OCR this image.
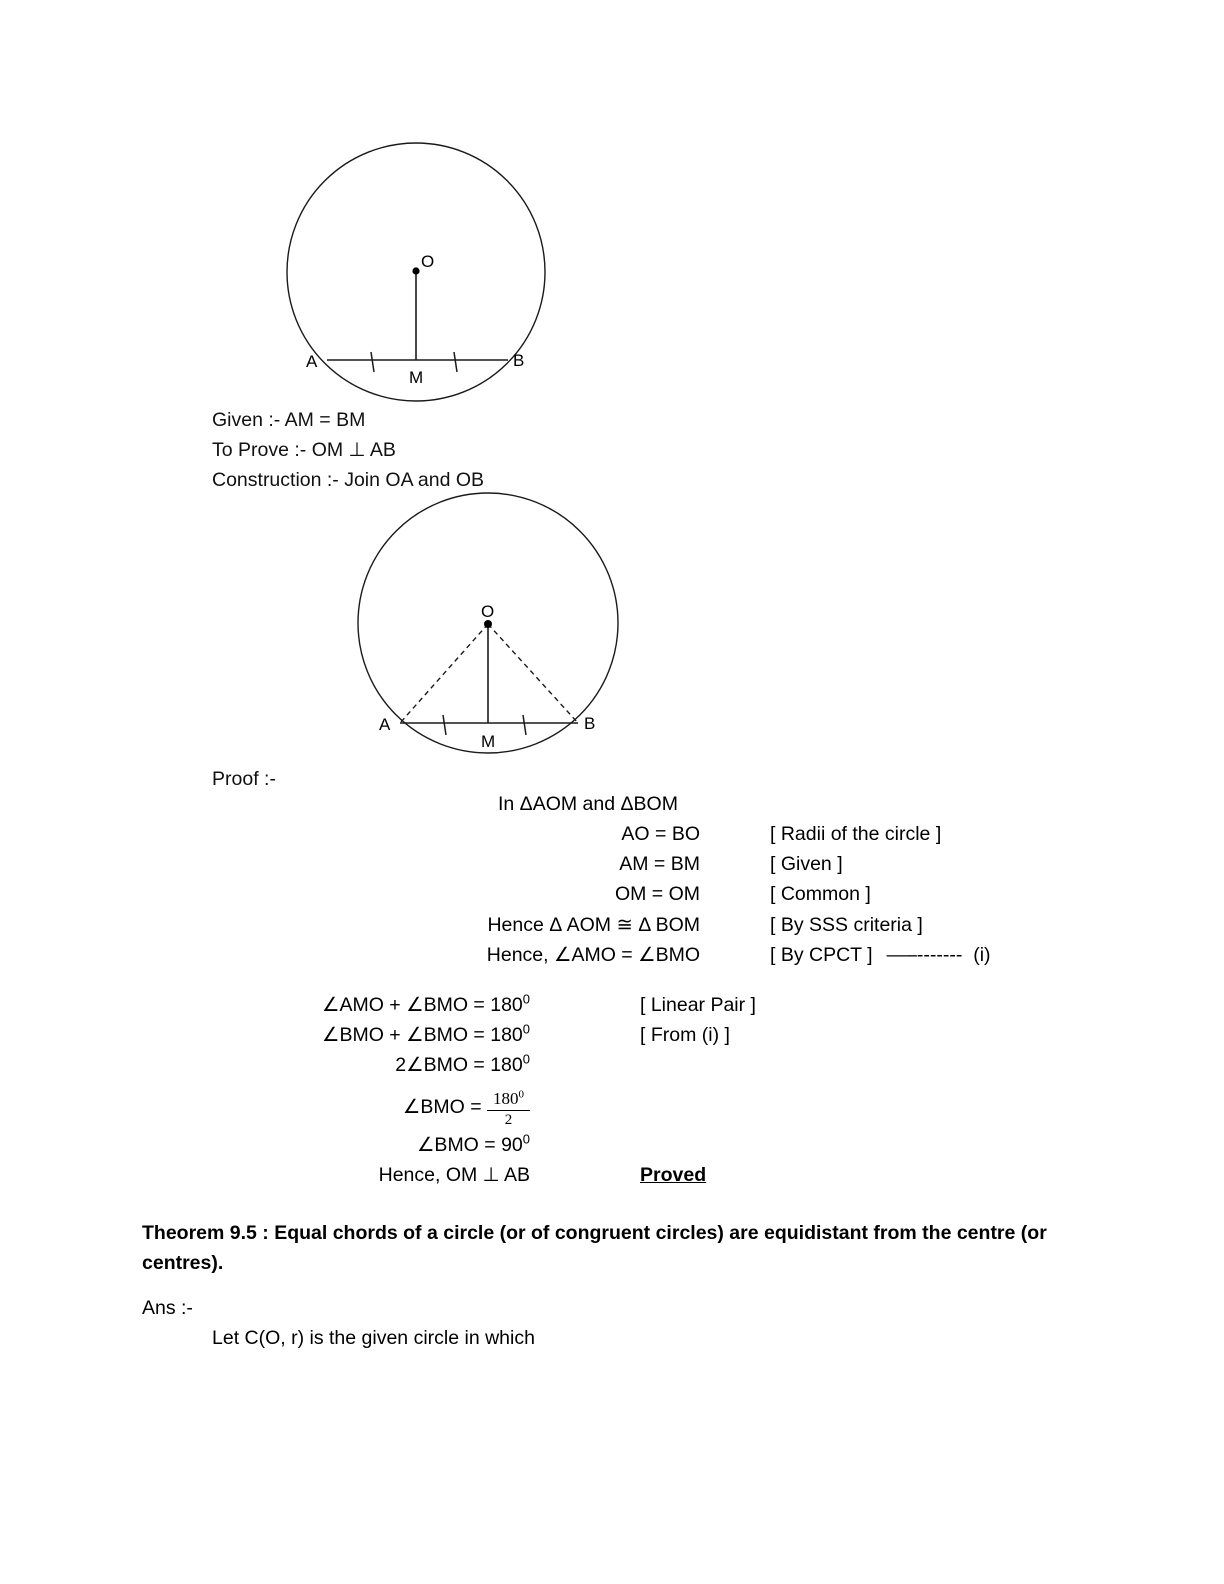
O
A	B
M
Given :- AM = BM
To Prove :- OM ⊥ AB
Construction :- Join OA and OB
O
A	B
M
Proof :-
In ΔAOM and ΔBOM
AO = BO	[ Radii of the circle ]
AM = BM	[ Given ]
OM = OM	[ Common ]
Hence Δ AOM ≅ Δ BOM	[ By SSS criteria ]
Hence, ∠AMO = ∠BMO	[ By CPCT ] —–-------  (i)
∠AMO + ∠BMO = $180^0$	[ Linear Pair ]
∠BMO + ∠BMO = $180^0$	[ From (i) ]
2∠BMO = $180^0$
∠BMO = $\frac{180^0}{2}$
∠BMO = $90^0$
Hence, OM ⊥ AB	Proved
Theorem 9.5 : Equal chords of a circle (or of congruent circles) are equidistant from the centre (or centres).
Ans :-
Let C(O, r) is the given circle in which
